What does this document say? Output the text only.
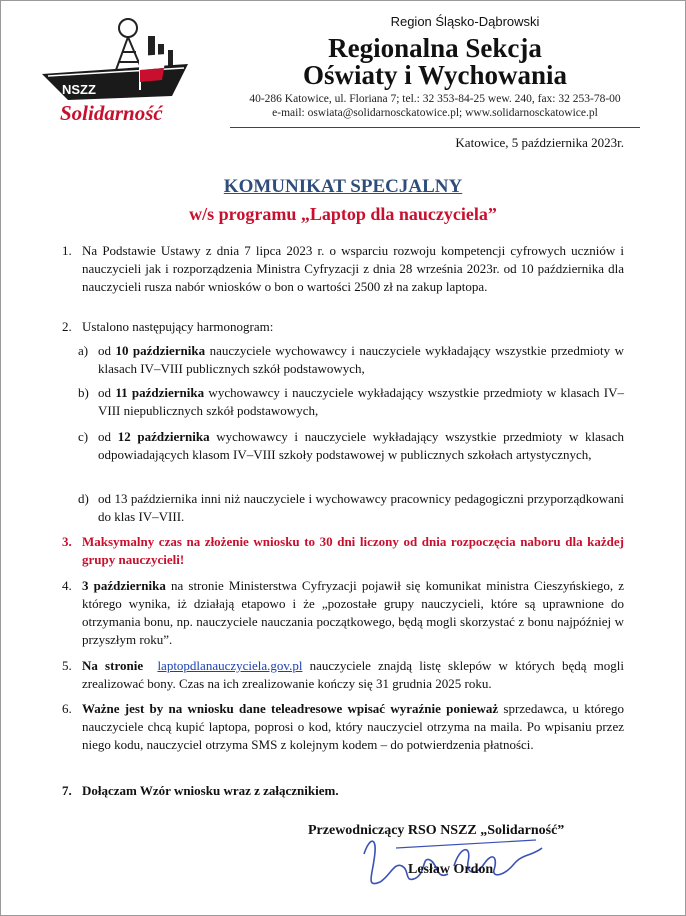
NSZZ
Solidarność
Region Śląsko-Dąbrowski
Regionalna Sekcja
Oświaty i Wychowania
40-286 Katowice, ul. Floriana 7; tel.: 32 353-84-25 wew. 240, fax: 32 253-78-00
e-mail: oswiata@solidarnosckatowice.pl; www.solidarnosckatowice.pl
Katowice, 5 października 2023r.
KOMUNIKAT SPECJALNY
w/s programu „Laptop dla nauczyciela”
1. Na Podstawie Ustawy z dnia 7 lipca 2023 r. o wsparciu rozwoju kompetencji cyfrowych uczniów i nauczycieli jak i rozporządzenia Ministra Cyfryzacji z dnia 28 września 2023r. od 10 października dla nauczycieli rusza nabór wniosków o bon o wartości 2500 zł na zakup laptopa.
2. Ustalono następujący harmonogram:
a) od 10 października nauczyciele wychowawcy i nauczyciele wykładający wszystkie przedmioty w klasach IV–VIII publicznych szkół podstawowych,
b) od 11 października wychowawcy i nauczyciele wykładający wszystkie przedmioty w klasach IV–VIII niepublicznych szkół podstawowych,
c) od 12 października wychowawcy i nauczyciele wykładający wszystkie przedmioty w klasach odpowiadających klasom IV–VIII szkoły podstawowej w publicznych szkołach artystycznych,
d) od 13 października inni niż nauczyciele i wychowawcy pracownicy pedagogiczni przyporządkowani do klas IV–VIII.
3. Maksymalny czas na złożenie wniosku to 30 dni liczony od dnia rozpoczęcia naboru dla każdej grupy nauczycieli!
4. 3 października na stronie Ministerstwa Cyfryzacji pojawił się komunikat ministra Cieszyńskiego, z którego wynika, iż działają etapowo i że „pozostałe grupy nauczycieli, które są uprawnione do otrzymania bonu, np. nauczyciele nauczania początkowego, będą mogli skorzystać z bonu najpóźniej w przyszłym roku”.
5. Na stronie laptopdlanauczyciela.gov.pl nauczyciele znajdą listę sklepów w których będą mogli zrealizować bony. Czas na ich zrealizowanie kończy się 31 grudnia 2025 roku.
6. Ważne jest by na wniosku dane teleadresowe wpisać wyraźnie ponieważ sprzedawca, u którego nauczyciele chcą kupić laptopa, poprosi o kod, który nauczyciel otrzyma na maila. Po wpisaniu przez niego kodu, nauczyciel otrzyma SMS z kolejnym kodem – do potwierdzenia płatności.
7. Dołączam Wzór wniosku wraz z załącznikiem.
Przewodniczący RSO NSZZ „Solidarność”
Lesław Ordon
